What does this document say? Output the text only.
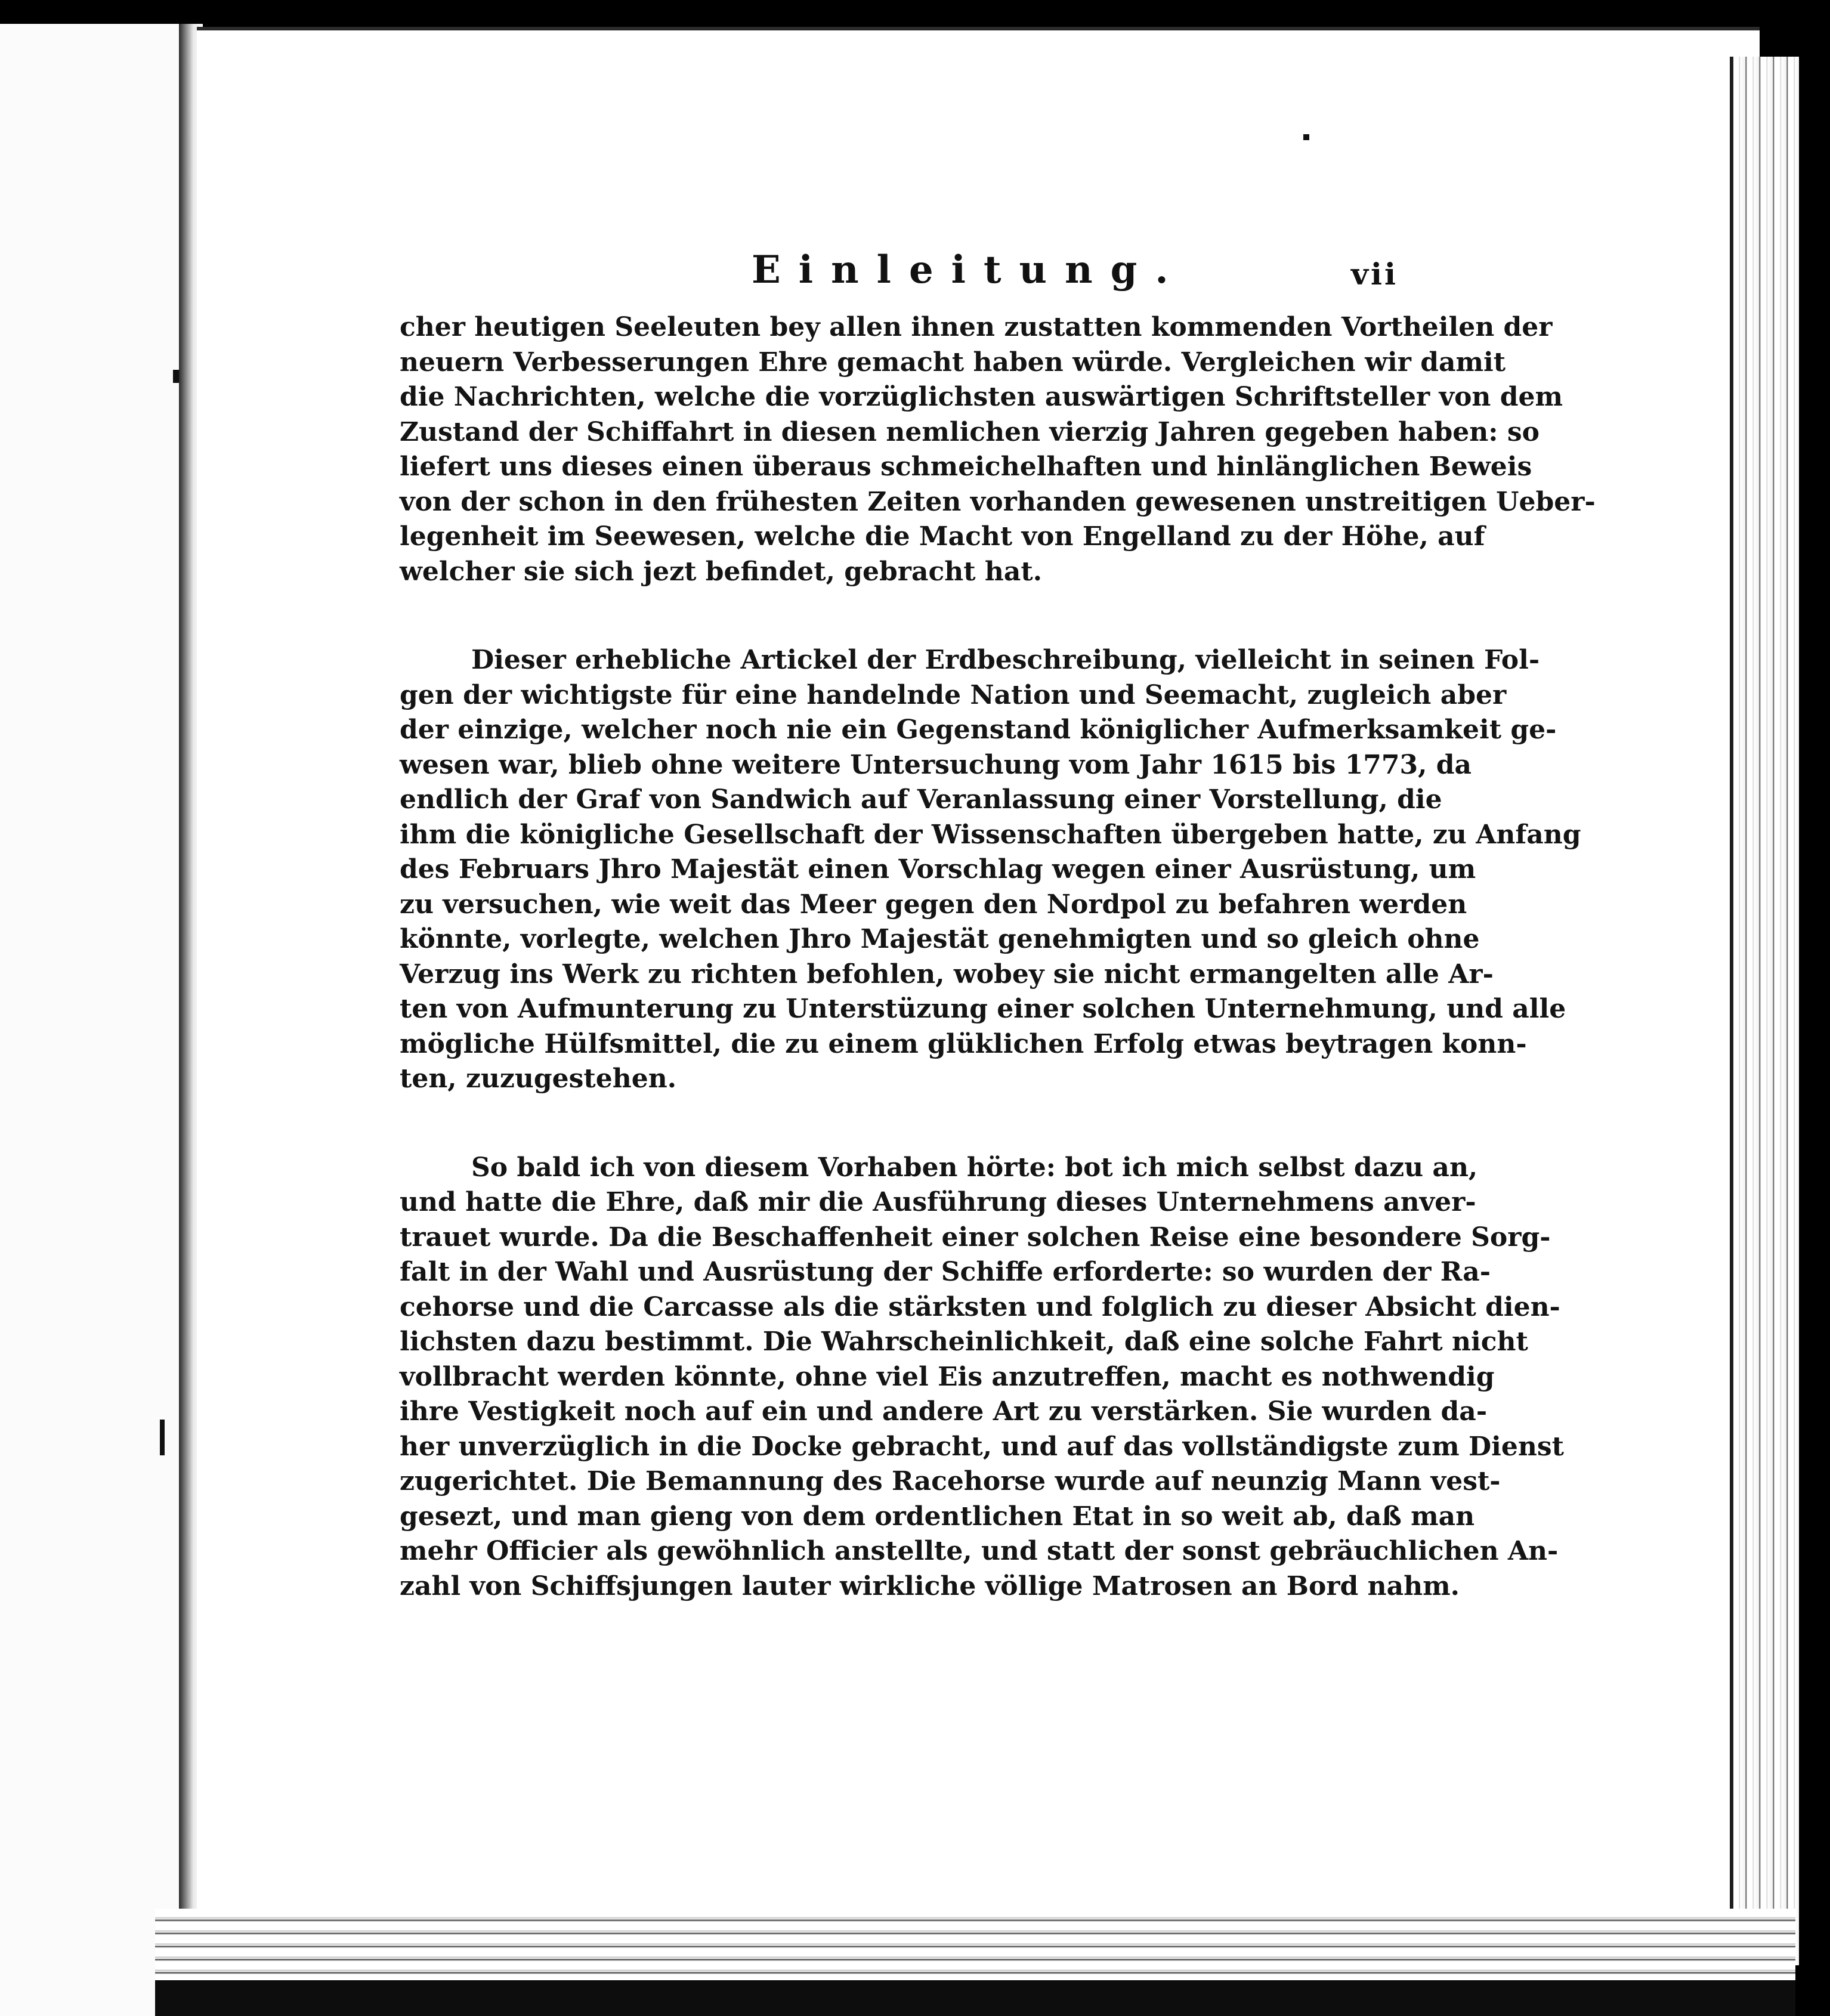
Einleitung.	vii
cher heutigen Seeleuten bey allen ihnen zustatten kommenden Vortheilen der
neuern Verbesserungen Ehre gemacht haben würde. Vergleichen wir damit
die Nachrichten, welche die vorzüglichsten auswärtigen Schriftsteller von dem
Zustand der Schiffahrt in diesen nemlichen vierzig Jahren gegeben haben: so
liefert uns dieses einen überaus schmeichelhaften und hinlänglichen Beweis
von der schon in den frühesten Zeiten vorhanden gewesenen unstreitigen Ueber-
legenheit im Seewesen, welche die Macht von Engelland zu der Höhe, auf
welcher sie sich jezt befindet, gebracht hat.
Dieser erhebliche Artickel der Erdbeschreibung, vielleicht in seinen Fol-
gen der wichtigste für eine handelnde Nation und Seemacht, zugleich aber
der einzige, welcher noch nie ein Gegenstand königlicher Aufmerksamkeit ge-
wesen war, blieb ohne weitere Untersuchung vom Jahr 1615 bis 1773, da
endlich der Graf von Sandwich auf Veranlassung einer Vorstellung, die
ihm die königliche Gesellschaft der Wissenschaften übergeben hatte, zu Anfang
des Februars Jhro Majestät einen Vorschlag wegen einer Ausrüstung, um
zu versuchen, wie weit das Meer gegen den Nordpol zu befahren werden
könnte, vorlegte, welchen Jhro Majestät genehmigten und so gleich ohne
Verzug ins Werk zu richten befohlen, wobey sie nicht ermangelten alle Ar-
ten von Aufmunterung zu Unterstüzung einer solchen Unternehmung, und alle
mögliche Hülfsmittel, die zu einem glüklichen Erfolg etwas beytragen konn-
ten, zuzugestehen.
So bald ich von diesem Vorhaben hörte: bot ich mich selbst dazu an,
und hatte die Ehre, daß mir die Ausführung dieses Unternehmens anver-
trauet wurde. Da die Beschaffenheit einer solchen Reise eine besondere Sorg-
falt in der Wahl und Ausrüstung der Schiffe erforderte: so wurden der Ra-
cehorse und die Carcasse als die stärksten und folglich zu dieser Absicht dien-
lichsten dazu bestimmt. Die Wahrscheinlichkeit, daß eine solche Fahrt nicht
vollbracht werden könnte, ohne viel Eis anzutreffen, macht es nothwendig
ihre Vestigkeit noch auf ein und andere Art zu verstärken. Sie wurden da-
her unverzüglich in die Docke gebracht, und auf das vollständigste zum Dienst
zugerichtet. Die Bemannung des Racehorse wurde auf neunzig Mann vest-
gesezt, und man gieng von dem ordentlichen Etat in so weit ab, daß man
mehr Officier als gewöhnlich anstellte, und statt der sonst gebräuchlichen An-
zahl von Schiffsjungen lauter wirkliche völlige Matrosen an Bord nahm.
